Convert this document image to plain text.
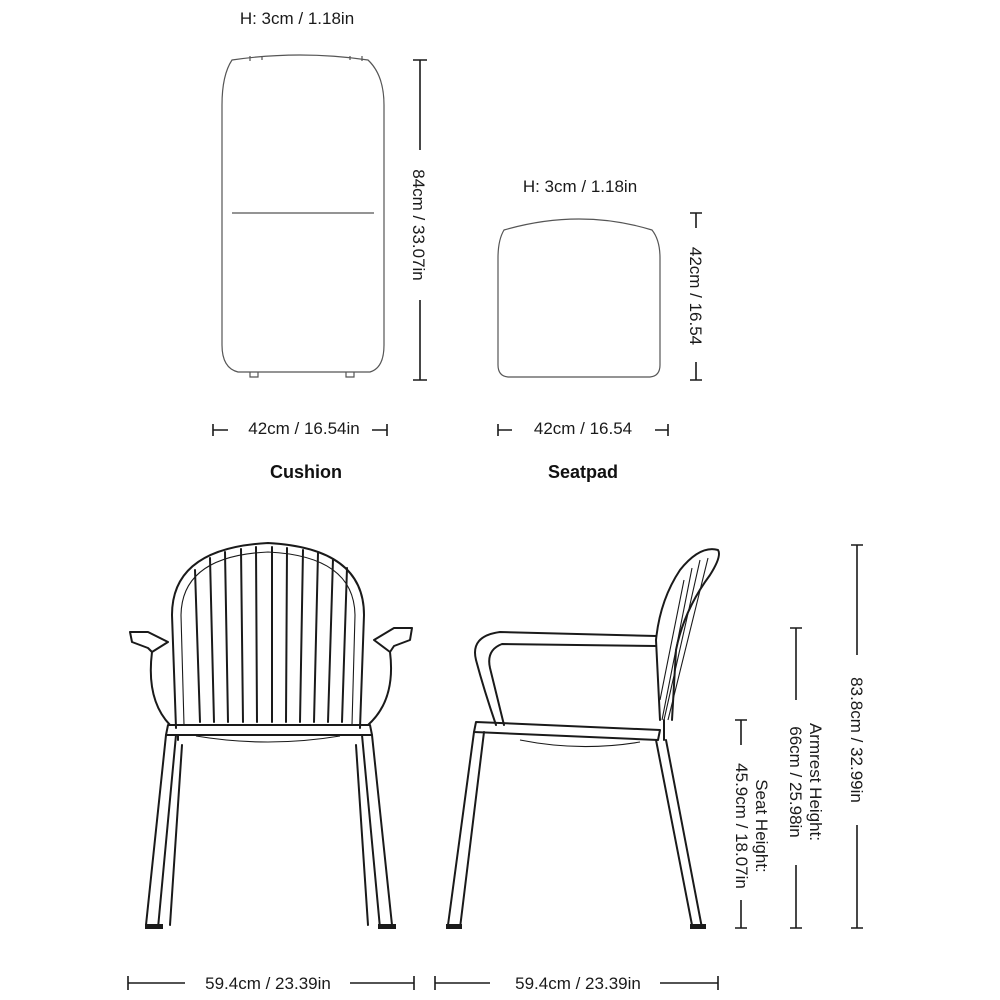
H: 3cm / 1.18in
84cm / 33.07in
42cm / 16.54in
Cushion
H: 3cm / 1.18in
42cm / 16.54
42cm / 16.54
Seatpad
59.4cm / 23.39in	59.4cm / 23.39in
Seat Height:
45.9cm / 18.07in	Armrest Height:
66cm / 25.98in 83.8cm / 32.99in
